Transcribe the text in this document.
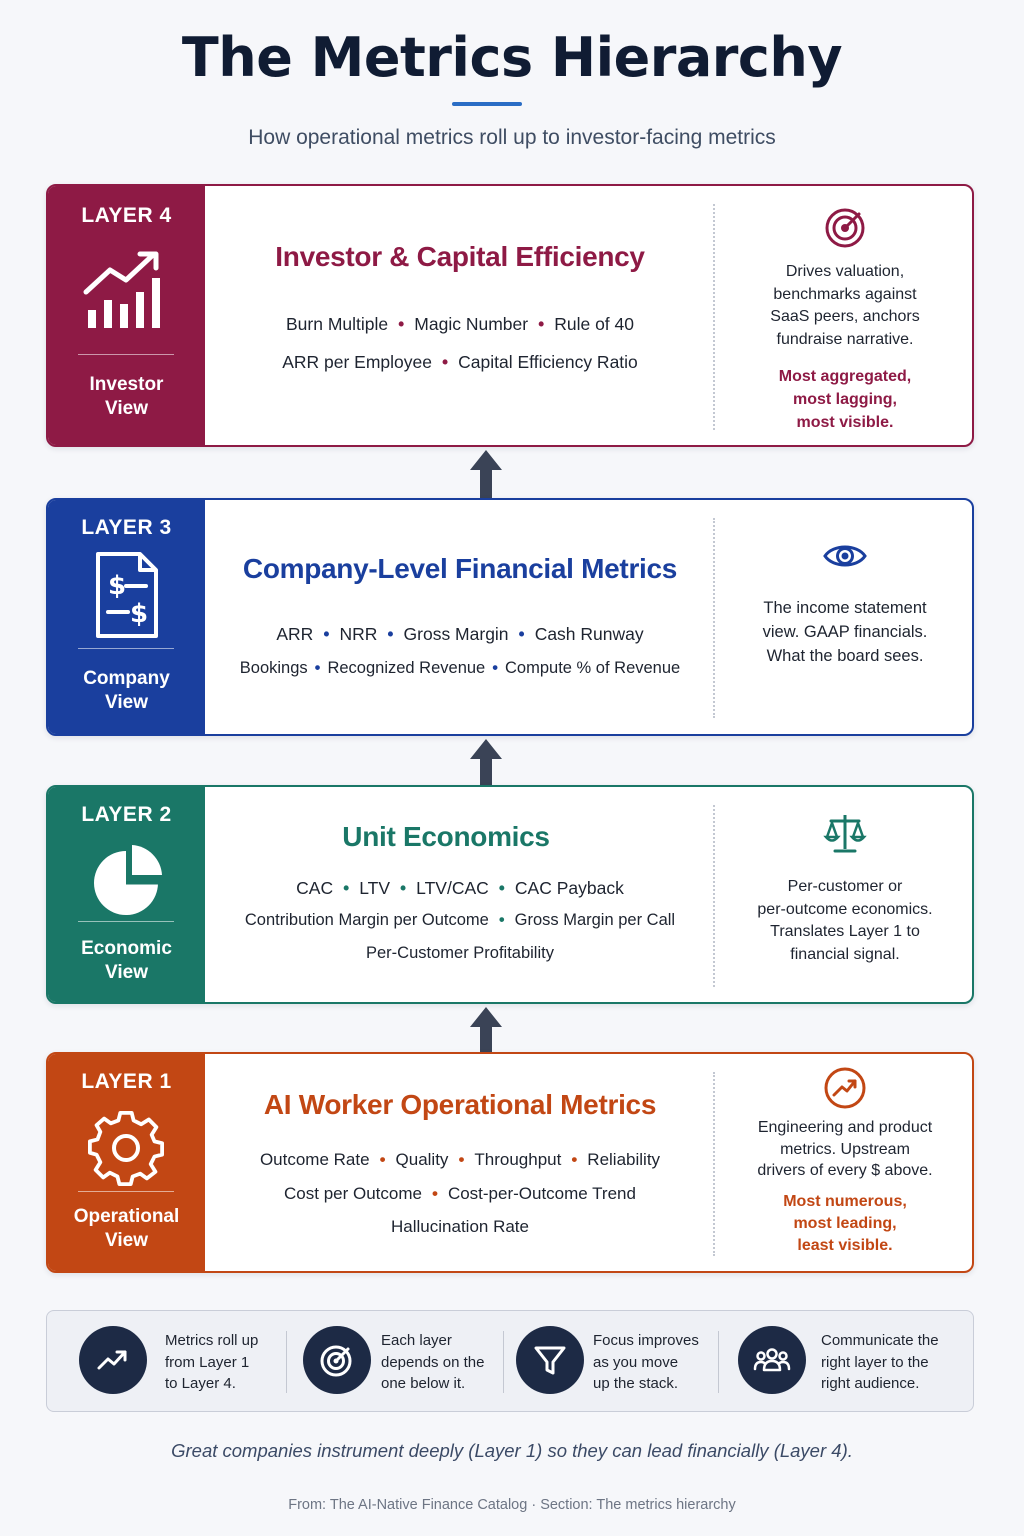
The Metrics Hierarchy
How operational metrics roll up to investor-facing metrics
LAYER 4
Investor
View
Investor & Capital Efficiency
Burn Multiple • Magic Number • Rule of 40
ARR per Employee • Capital Efficiency Ratio
Drives valuation,
benchmarks against
SaaS peers, anchors
fundraise narrative.
Most aggregated,
most lagging,
most visible.
LAYER 3
$
$
Company
View
Company-Level Financial Metrics
ARR • NRR • Gross Margin • Cash Runway
Bookings • Recognized Revenue • Compute % of Revenue
The income statement
view. GAAP financials.
What the board sees.
LAYER 2
Economic
View
Unit Economics
CAC • LTV • LTV/CAC • CAC Payback
Contribution Margin per Outcome • Gross Margin per Call
Per-Customer Profitability
Per-customer or
per-outcome economics.
Translates Layer 1 to
financial signal.
LAYER 1
Operational
View
AI Worker Operational Metrics
Outcome Rate • Quality • Throughput • Reliability
Cost per Outcome • Cost-per-Outcome Trend
Hallucination Rate
Engineering and product
metrics. Upstream
drivers of every $ above.
Most numerous,
most leading,
least visible.
Metrics roll up
from Layer 1
to Layer 4.
Each layer
depends on the
one below it.
Focus improves
as you move
up the stack.
Communicate the
right layer to the
right audience.
Great companies instrument deeply (Layer 1) so they can lead financially (Layer 4).
From: The AI-Native Finance Catalog · Section: The metrics hierarchy
